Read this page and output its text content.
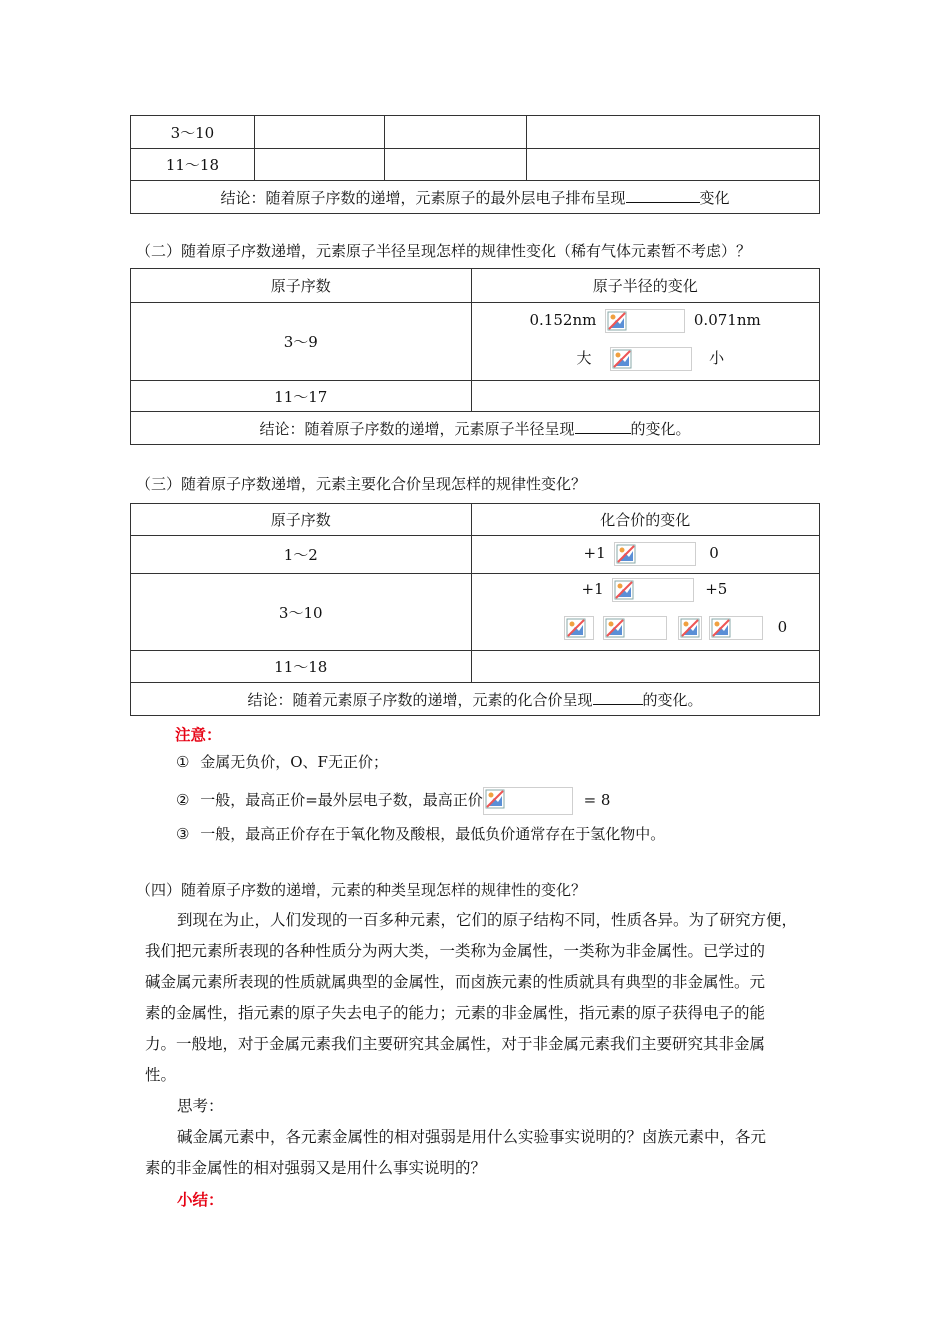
3～10			
11～18			
结论：随着原子序数的递增，元素原子的最外层电子排布呈现 变化			
（二）随着原子序数递增，元素原子半径呈现怎样的规律性变化（稀有气体元素暂不考虑）？
原子序数	原子半径的变化
3～9	0.152nm 0.071nm
大 小

11～17	
结论：随着原子序数的递增，元素原子半径呈现 的变化。	
（三）随着原子序数递增，元素主要化合价呈现怎样的规律性变化？
原子序数	化合价的变化
1～2	+1 0

3～10	+1 +5

0

11～18	
结论：随着元素原子序数的递增，元素的化合价呈现 的变化。	
注意：
① 金属无负价，O、F无正价；
② 一般，最高正价=最外层电子数，最高正价	= 8
③ 一般，最高正价存在于氧化物及酸根，最低负价通常存在于氢化物中。
（四）随着原子序数的递增，元素的种类呈现怎样的规律性的变化？
到现在为止，人们发现的一百多种元素，它们的原子结构不同，性质各异。为了研究方便，
我们把元素所表现的各种性质分为两大类，一类称为金属性，一类称为非金属性。已学过的
碱金属元素所表现的性质就属典型的金属性，而卤族元素的性质就具有典型的非金属性。元
素的金属性，指元素的原子失去电子的能力；元素的非金属性，指元素的原子获得电子的能
力。一般地，对于金属元素我们主要研究其金属性，对于非金属元素我们主要研究其非金属
性。
思考：
碱金属元素中，各元素金属性的相对强弱是用什么实验事实说明的？卤族元素中，各元
素的非金属性的相对强弱又是用什么事实说明的？
小结：
